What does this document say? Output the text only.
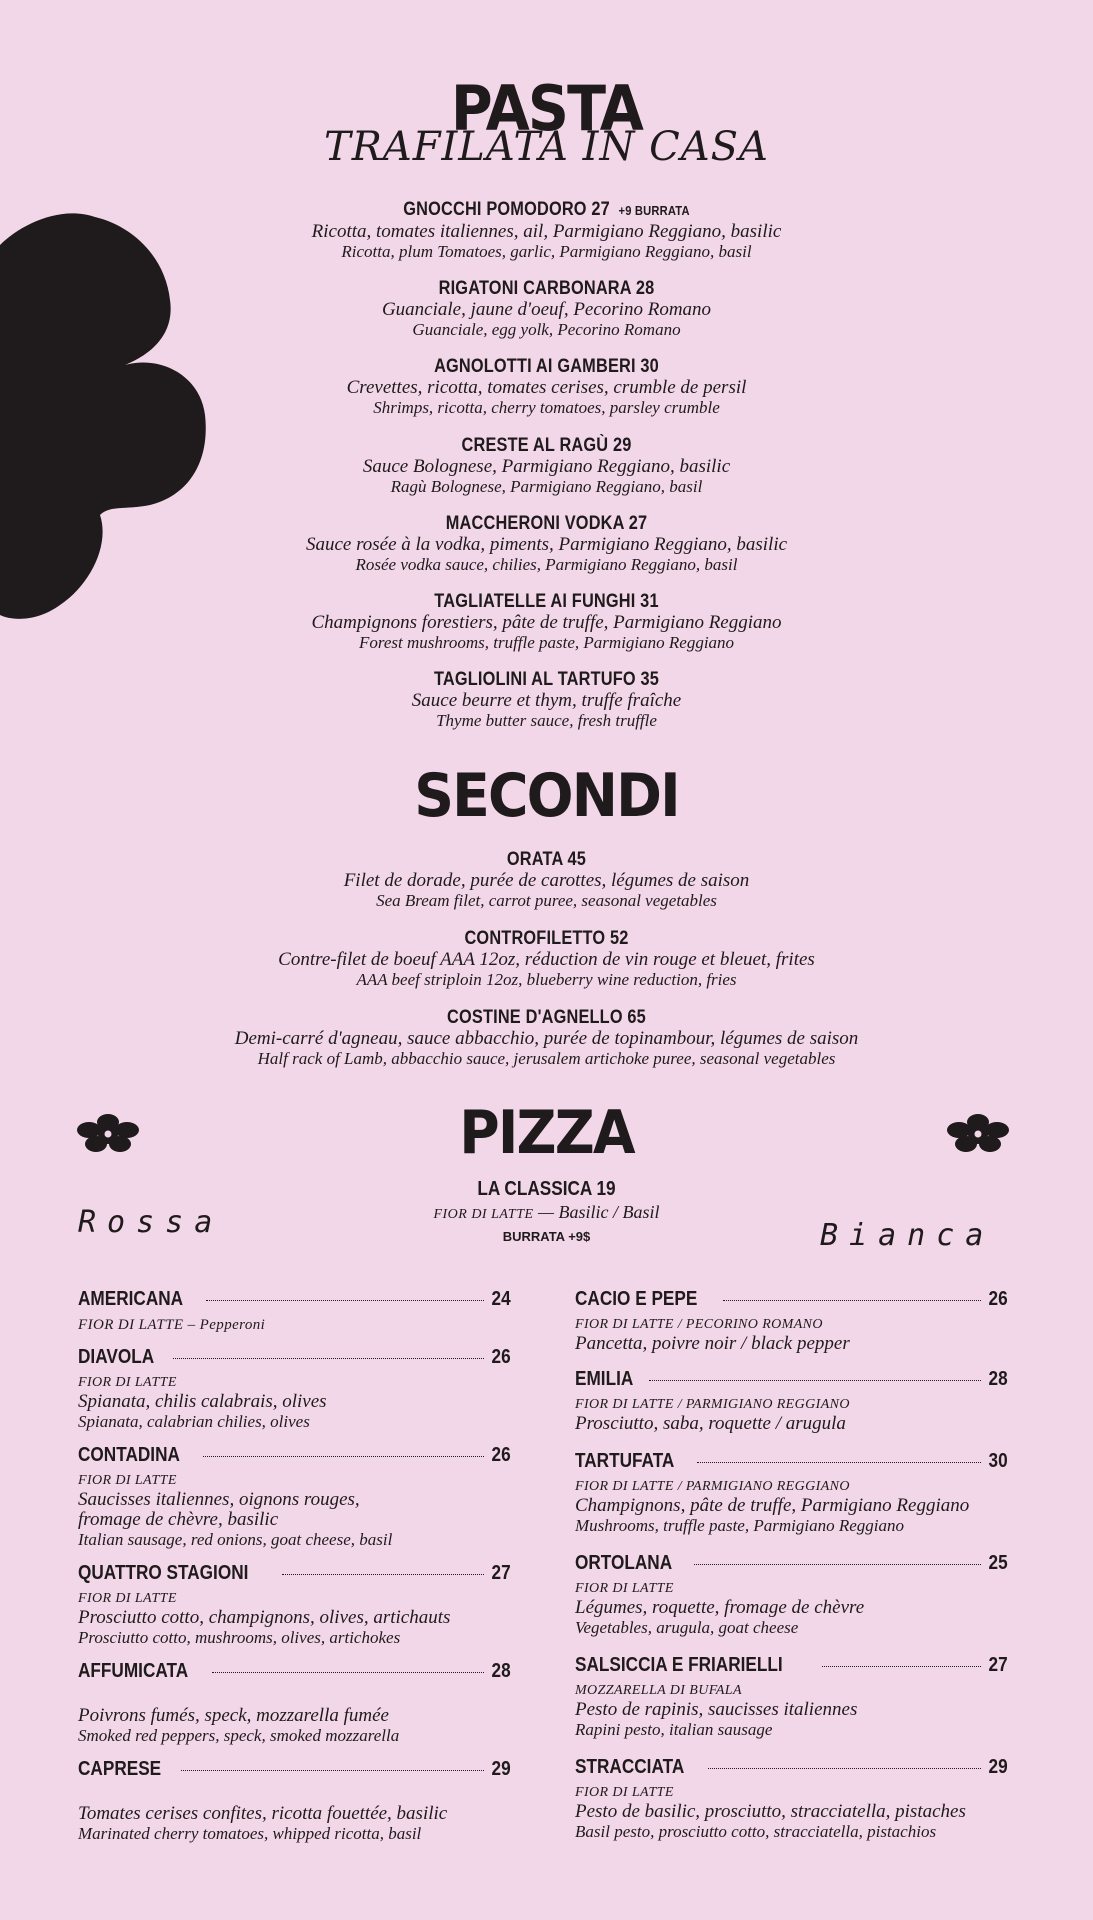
PASTA
TRAFILATA IN CASA
GNOCCHI POMODORO 27 +9 BURRATA
Ricotta, tomates italiennes, ail, Parmigiano Reggiano, basilic
Ricotta, plum Tomatoes, garlic, Parmigiano Reggiano, basil
RIGATONI CARBONARA 28
Guanciale, jaune d'oeuf, Pecorino Romano
Guanciale, egg yolk, Pecorino Romano
AGNOLOTTI AI GAMBERI 30
Crevettes, ricotta, tomates cerises, crumble de persil
Shrimps, ricotta, cherry tomatoes, parsley crumble
CRESTE AL RAGÙ 29
Sauce Bolognese, Parmigiano Reggiano, basilic
Ragù Bolognese, Parmigiano Reggiano, basil
MACCHERONI VODKA 27
Sauce rosée à la vodka, piments, Parmigiano Reggiano, basilic
Rosée vodka sauce, chilies, Parmigiano Reggiano, basil
TAGLIATELLE AI FUNGHI 31
Champignons forestiers, pâte de truffe, Parmigiano Reggiano
Forest mushrooms, truffle paste, Parmigiano Reggiano
TAGLIOLINI AL TARTUFO 35
Sauce beurre et thym, truffe fraîche
Thyme butter sauce, fresh truffle
SECONDI
ORATA 45
Filet de dorade, purée de carottes, légumes de saison
Sea Bream filet, carrot puree, seasonal vegetables
CONTROFILETTO 52
Contre-filet de boeuf AAA 12oz, réduction de vin rouge et bleuet, frites
AAA beef striploin 12oz, blueberry wine reduction, fries
COSTINE D'AGNELLO 65
Demi-carré d'agneau, sauce abbacchio, purée de topinambour, légumes de saison
Half rack of Lamb, abbacchio sauce, jerusalem artichoke puree, seasonal vegetables
PIZZA
Rossa	Bianca
LA CLASSICA 19
FIOR DI LATTE — Basilic / Basil
BURRATA +9$
AMERICANA	24
FIOR DI LATTE – Pepperoni
DIAVOLA	26
FIOR DI LATTE
Spianata, chilis calabrais, olives
Spianata, calabrian chilies, olives
CONTADINA	26
FIOR DI LATTE
Saucisses italiennes, oignons rouges, fromage de chèvre, basilic
Italian sausage, red onions, goat cheese, basil
QUATTRO STAGIONI	27
FIOR DI LATTE
Prosciutto cotto, champignons, olives, artichauts
Prosciutto cotto, mushrooms, olives, artichokes
AFFUMICATA	28
Poivrons fumés, speck, mozzarella fumée
Smoked red peppers, speck, smoked mozzarella
CAPRESE	29
Tomates cerises confites, ricotta fouettée, basilic
Marinated cherry tomatoes, whipped ricotta, basil
CACIO E PEPE	26
FIOR DI LATTE / PECORINO ROMANO
Pancetta, poivre noir / black pepper
EMILIA	28
FIOR DI LATTE / PARMIGIANO REGGIANO
Prosciutto, saba, roquette / arugula
TARTUFATA	30
FIOR DI LATTE / PARMIGIANO REGGIANO
Champignons, pâte de truffe, Parmigiano Reggiano
Mushrooms, truffle paste, Parmigiano Reggiano
ORTOLANA	25
FIOR DI LATTE
Légumes, roquette, fromage de chèvre
Vegetables, arugula, goat cheese
SALSICCIA E FRIARIELLI	27
MOZZARELLA DI BUFALA
Pesto de rapinis, saucisses italiennes
Rapini pesto, italian sausage
STRACCIATA	29
FIOR DI LATTE
Pesto de basilic, prosciutto, stracciatella, pistaches
Basil pesto, prosciutto cotto, stracciatella, pistachios
